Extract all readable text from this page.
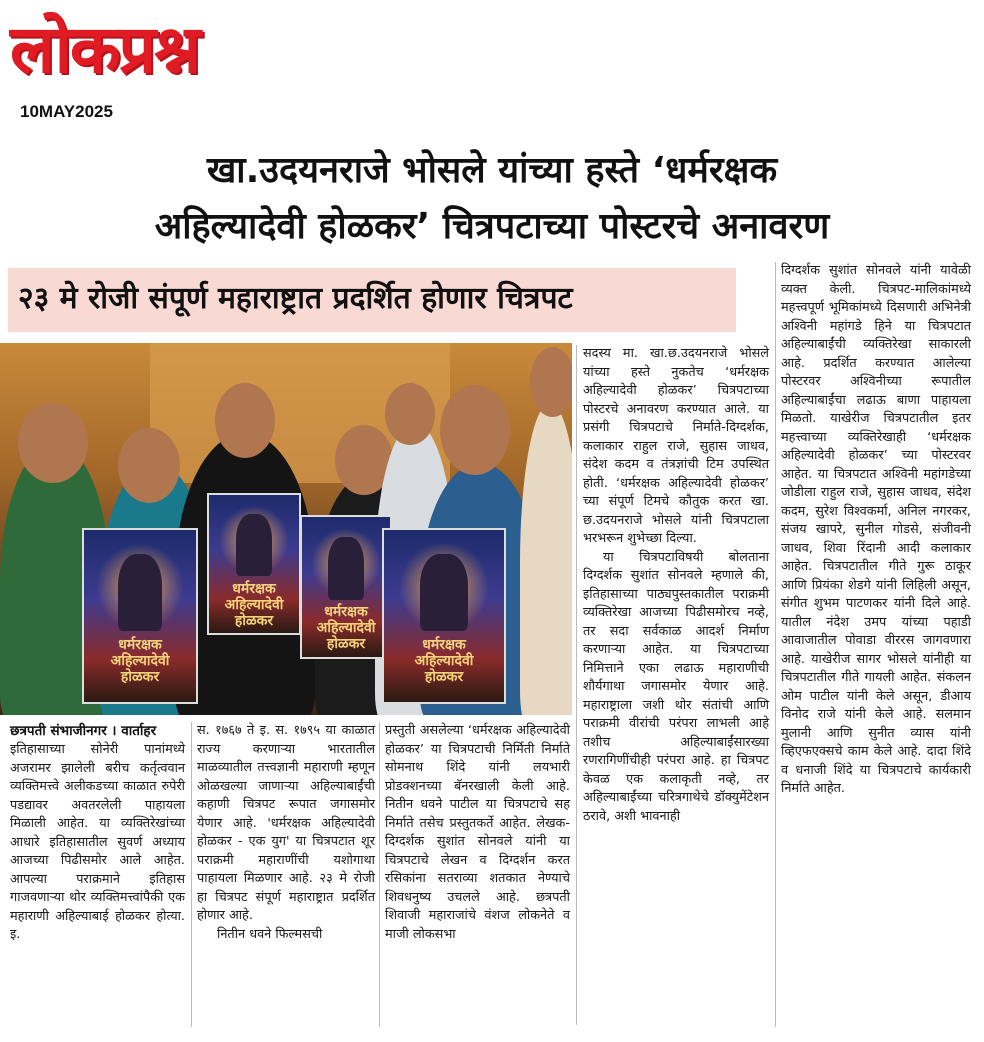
लोकप्रश्न
10MAY2025
खा.उदयनराजे भोसले यांच्या हस्ते ‘धर्मरक्षक
अहिल्यादेवी होळकर’ चित्रपटाच्या पोस्टरचे अनावरण
२३ मे रोजी संपूर्ण महाराष्ट्रात प्रदर्शित होणार चित्रपट
धर्मरक्षक अहिल्यादेवी होळकर
धर्मरक्षक अहिल्यादेवी होळकर
धर्मरक्षक अहिल्यादेवी होळकर	धर्मरक्षक अहिल्यादेवी होळकर

छत्रपती संभाजीनगर । वार्ताहर

इतिहासाच्या सोनेरी पानांमध्ये अजरामर झालेली बरीच कर्तृत्ववान व्यक्तिमत्त्वे अलीकडच्या काळात रुपेरी पडद्यावर अवतरलेली पाहायला मिळाली आहेत. या व्यक्तिरेखांच्या आधारे इतिहासातील सुवर्ण अध्याय आजच्या पिढीसमोर आले आहेत. आपल्या पराक्रमाने इतिहास गाजवणाऱ्या थोर व्यक्तिमत्त्वांपैकी एक महाराणी अहिल्याबाई होळकर होत्या. इ.

स. १७६७ ते इ. स. १७९५ या काळात राज्य करणाऱ्या भारतातील माळव्यातील तत्त्वज्ञानी महाराणी म्हणून ओळखल्या जाणाऱ्या अहिल्याबाईंची कहाणी चित्रपट रूपात जगासमोर येणार आहे. 'धर्मरक्षक अहिल्यादेवी होळकर - एक युग' या चित्रपटात शूर पराक्रमी महाराणींची यशोगाथा पाहायला मिळणार आहे. २३ मे रोजी हा चित्रपट संपूर्ण महाराष्ट्रात प्रदर्शित होणार आहे.

नितीन धवने फिल्मसची

प्रस्तुती असलेल्या ‘धर्मरक्षक अहिल्यादेवी होळकर’ या चित्रपटाची निर्मिती निर्माते सोमनाथ शिंदे यांनी लयभारी प्रोडक्शनच्या बॅनरखाली केली आहे. नितीन धवने पाटील या चित्रपटाचे सह निर्माते तसेच प्रस्तुतकर्ते आहेत. लेखक-दिग्दर्शक सुशांत सोनवले यांनी या चित्रपटाचे लेखन व दिग्दर्शन करत रसिकांना सतराव्या शतकात नेण्याचे शिवधनुष्य उचलले आहे. छत्रपती शिवाजी महाराजांचे वंशज लोकनेते व माजी लोकसभा

सदस्य मा. खा.छ.उदयनराजे भोसले यांच्या हस्ते नुकतेच ‘धर्मरक्षक अहिल्यादेवी होळकर’ चित्रपटाच्या पोस्टरचे अनावरण करण्यात आले. या प्रसंगी चित्रपटाचे निर्माते-दिग्दर्शक, कलाकार राहुल राजे, सुहास जाधव, संदेश कदम व तंत्रज्ञांची टिम उपस्थित होती. ‘धर्मरक्षक अहिल्यादेवी होळकर’ च्या संपूर्ण टिमचे कौतुक करत खा. छ.उदयनराजे भोसले यांनी चित्रपटाला भरभरून शुभेच्छा दिल्या.

या चित्रपटाविषयी बोलताना दिग्दर्शक सुशांत सोनवले म्हणाले की, इतिहासाच्या पाठ्यपुस्तकातील पराक्रमी व्यक्तिरेखा आजच्या पिढीसमोरच नव्हे, तर सदा सर्वकाळ आदर्श निर्माण करणाऱ्या आहेत. या चित्रपटाच्या निमित्ताने एका लढाऊ महाराणीची शौर्यगाथा जगासमोर येणार आहे. महाराष्ट्राला जशी थोर संतांची आणि पराक्रमी वीरांची परंपरा लाभली आहे तशीच अहिल्याबाईंसारख्या रणरागिणींचीही परंपरा आहे. हा चित्रपट केवळ एक कलाकृती नव्हे, तर अहिल्याबाईंच्या चरित्रगाथेचे डॉक्युमेंटेशन ठरावे, अशी भावनाही

दिग्दर्शक सुशांत सोनवले यांनी यावेळी व्यक्त केली. चित्रपट-मालिकांमध्ये महत्त्वपूर्ण भूमिकांमध्ये दिसणारी अभिनेत्री अश्विनी महांगडे हिने या चित्रपटात अहिल्याबाईंची व्यक्तिरेखा साकारली आहे. प्रदर्शित करण्यात आलेल्या पोस्टरवर अश्विनीच्या रूपातील अहिल्याबाईंचा लढाऊ बाणा पाहायला मिळतो. याखेरीज चित्रपटातील इतर महत्त्वाच्या व्यक्तिरेखाही ‘धर्मरक्षक अहिल्यादेवी होळकर’ च्या पोस्टरवर आहेत. या चित्रपटात अश्विनी महांगडेच्या जोडीला राहुल राजे, सुहास जाधव, संदेश कदम, सुरेश विश्वकर्मा, अनिल नगरकर, संजय खापरे, सुनील गोडसे, संजीवनी जाधव, शिवा रिंदानी आदी कलाकार आहेत. चित्रपटातील गीते गुरू ठाकूर आणि प्रियंका शेडगे यांनी लिहिली असून, संगीत शुभम पाटणकर यांनी दिले आहे. यातील नंदेश उमप यांच्या पहाडी आवाजातील पोवाडा वीररस जागवणारा आहे. याखेरीज सागर भोसले यांनीही या चित्रपटातील गीते गायली आहेत. संकलन ओम पाटील यांनी केले असून, डीआय विनोद राजे यांनी केले आहे. सलमान मुलानी आणि सुनीत व्यास यांनी व्हिएफएक्सचे काम केले आहे. दादा शिंदे व धनाजी शिंदे या चित्रपटाचे कार्यकारी निर्माते आहेत.
